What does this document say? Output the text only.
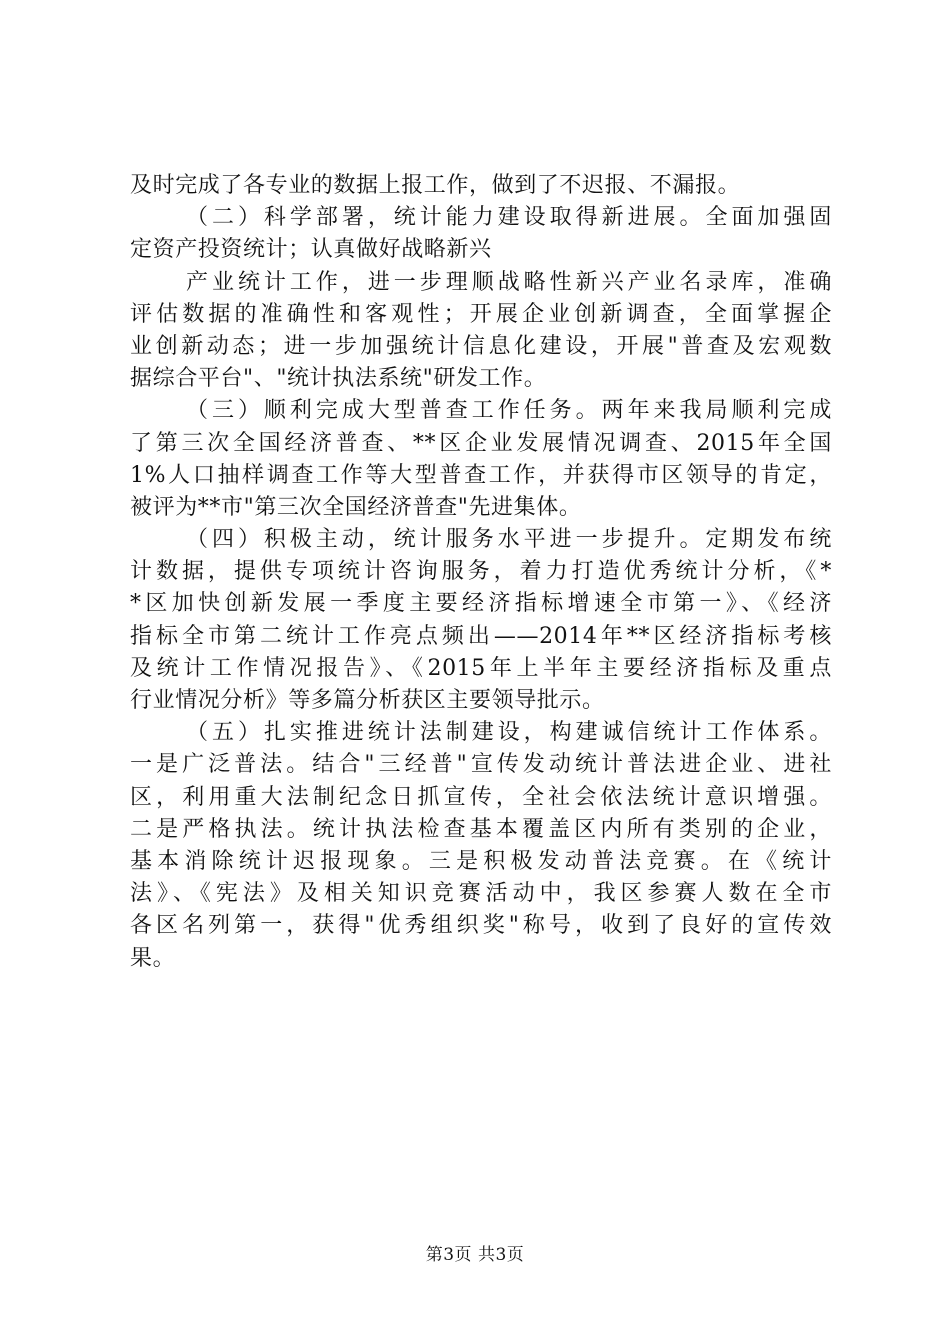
及时完成了各专业的数据上报工作，做到了不迟报、不漏报。
（二）科学部署，统计能力建设取得新进展。全面加强固
定资产投资统计；认真做好战略新兴
产业统计工作，进一步理顺战略性新兴产业名录库，准确
评估数据的准确性和客观性；开展企业创新调查，全面掌握企
业创新动态；进一步加强统计信息化建设，开展"普查及宏观数
据综合平台"、"统计执法系统"研发工作。
（三）顺利完成大型普查工作任务。两年来我局顺利完成
了第三次全国经济普查、**区企业发展情况调查、2015年全国
1%人口抽样调查工作等大型普查工作，并获得市区领导的肯定，
被评为**市"第三次全国经济普查"先进集体。
（四）积极主动，统计服务水平进一步提升。定期发布统
计数据，提供专项统计咨询服务，着力打造优秀统计分析，《*
*区加快创新发展一季度主要经济指标增速全市第一》、《经济
指标全市第二统计工作亮点频出——2014年**区经济指标考核
及统计工作情况报告》、《2015年上半年主要经济指标及重点
行业情况分析》等多篇分析获区主要领导批示。
（五）扎实推进统计法制建设，构建诚信统计工作体系。
一是广泛普法。结合"三经普"宣传发动统计普法进企业、进社
区，利用重大法制纪念日抓宣传，全社会依法统计意识增强。
二是严格执法。统计执法检查基本覆盖区内所有类别的企业，
基本消除统计迟报现象。三是积极发动普法竞赛。在《统计
法》、《宪法》及相关知识竞赛活动中，我区参赛人数在全市
各区名列第一，获得"优秀组织奖"称号，收到了良好的宣传效
果。
第3页 共3页
